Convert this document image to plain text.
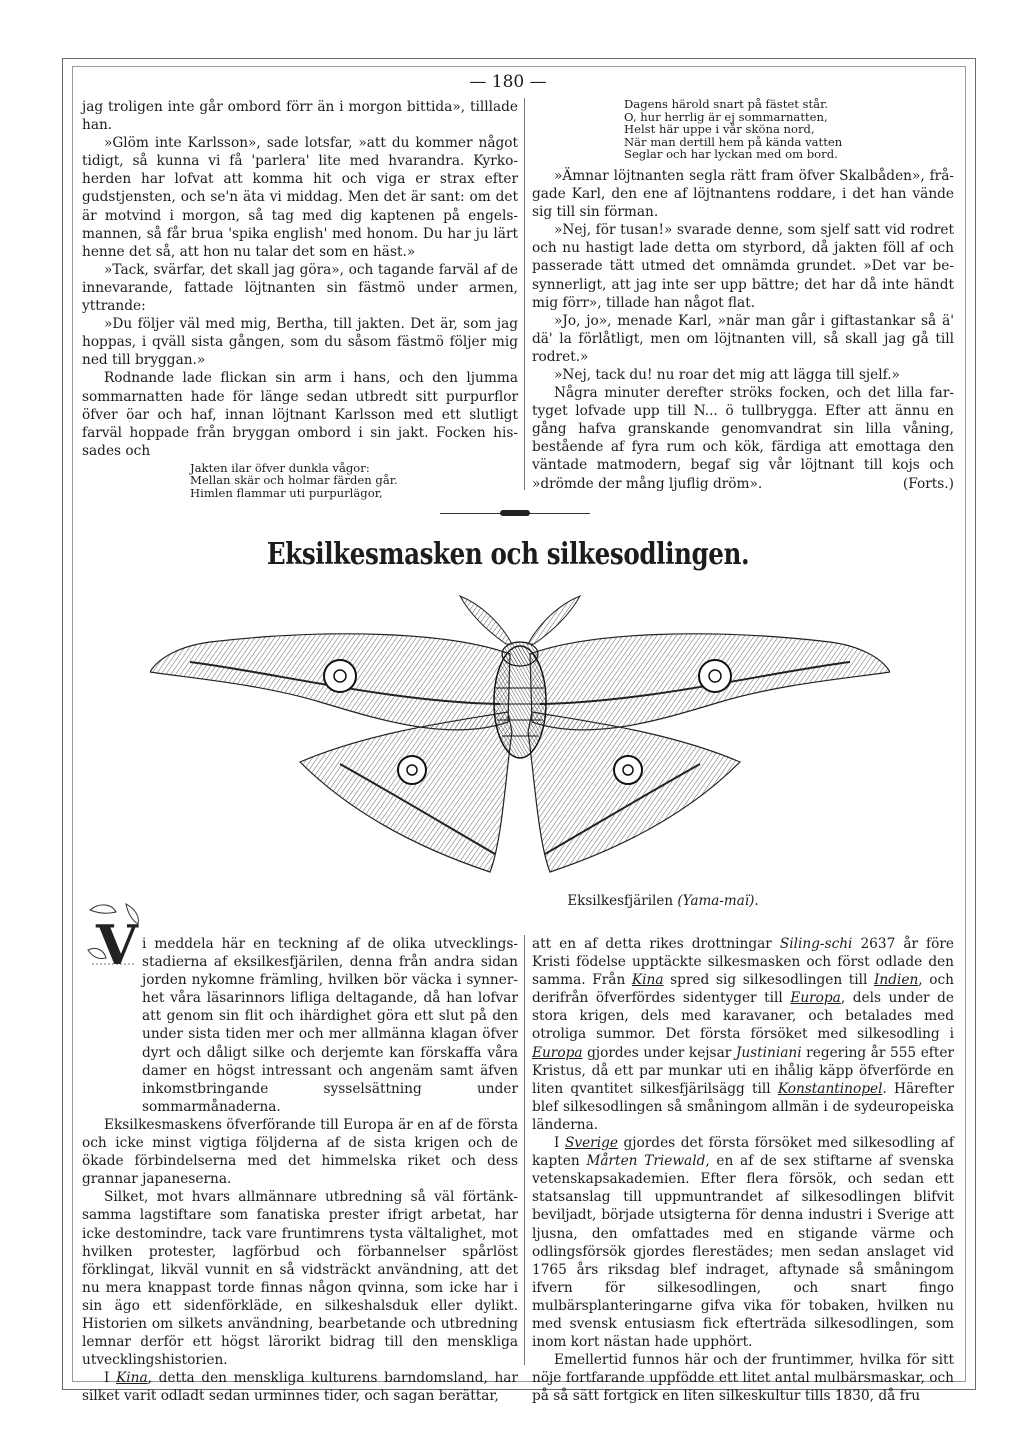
— 180 —

jag troligen inte går ombord förr än i morgon bittida», tilllade han.

»Glöm inte Karlsson», sade lotsfar, »att du kommer något tidigt, så kunna vi få 'parlera' lite med hvarandra. Kyrkoherden har lofvat att komma hit och viga er strax efter gudstjensten, och se'n äta vi middag. Men det är sant: om det är motvind i morgon, så tag med dig kaptenen på engelsmannen, så får brua 'spika english' med honom. Du har ju lärt henne det så, att hon nu talar det som en häst.»

»Tack, svärfar, det skall jag göra», och tagande farväl af de innevarande, fattade löjtnanten sin fästmö under armen, yttrande:

»Du följer väl med mig, Bertha, till jakten. Det är, som jag hoppas, i qväll sista gången, som du såsom fästmö följer mig ned till bryggan.»

Rodnande lade flickan sin arm i hans, och den ljumma sommarnatten hade för länge sedan utbredt sitt purpurflor öfver öar och haf, innan löjtnant Karlsson med ett slutligt farväl hoppade från bryggan ombord i sin jakt. Focken hissades och

Jakten ilar öfver dunkla vågor:
Mellan skär och holmar färden går.
Himlen flammar uti purpurlägor,
Dagens härold snart på fästet står.
O, hur herrlig är ej sommarnatten,
Helst här uppe i vår sköna nord,
När man dertill hem på kända vatten
Seglar och har lyckan med om bord.

»Ämnar löjtnanten segla rätt fram öfver Skalbåden», frågade Karl, den ene af löjtnantens roddare, i det han vände sig till sin förman.

»Nej, för tusan!» svarade denne, som sjelf satt vid rodret och nu hastigt lade detta om styrbord, då jakten föll af och passerade tätt utmed det omnämda grundet. »Det var besynnerligt, att jag inte ser upp bättre; det har då inte händt mig förr», tillade han något flat.

»Jo, jo», menade Karl, »när man går i giftastankar så ä' dä' la förlåtligt, men om löjtnanten vill, så skall jag gå till rodret.»

»Nej, tack du! nu roar det mig att lägga till sjelf.»

Några minuter derefter ströks focken, och det lilla fartyget lofvade upp till N... ö tullbrygga. Efter att ännu en gång hafva granskande genomvandrat sin lilla våning, bestående af fyra rum och kök, färdiga att emottaga den väntade matmodern, begaf sig vår löjtnant till kojs och »drömde der mång ljuflig dröm».	(Forts.)

Eksilkesmasken och silkesodlingen.
Eksilkesfjärilen (Yama-maï).
V i meddela här en teckning af de olika utvecklingsstadierna af eksilkesfjärilen, denna från andra sidan jorden nykomne främling, hvilken bör väcka i synnerhet våra läsarinnors lifliga deltagande, då han lofvar att genom sin flit och ihärdighet göra ett slut på den under sista tiden mer och mer allmänna klagan öfver dyrt och dåligt silke och derjemte kan förskaffa våra damer en högst intressant och angenäm samt äfven inkomstbringande sysselsättning under sommarmånaderna.

Eksilkesmaskens öfverförande till Europa är en af de första och icke minst vigtiga följderna af de sista krigen och de ökade förbindelserna med det himmelska riket och dess grannar japaneserna.

Silket, mot hvars allmännare utbredning så väl förtänksamma lagstiftare som fanatiska prester ifrigt arbetat, har icke destomindre, tack vare fruntimrens tysta vältalighet, mot hvilken protester, lagförbud och förbannelser spårlöst förklingat, likväl vunnit en så vidsträckt användning, att det nu mera knappast torde finnas någon qvinna, som icke har i sin ägo ett sidenförkläde, en silkeshalsduk eller dylikt. Historien om silkets användning, bearbetande och utbredning lemnar derför ett högst lärorikt bidrag till den menskliga utvecklingshistorien.

I Kina, detta den menskliga kulturens barndomsland, har silket varit odladt sedan urminnes tider, och sagan berättar,

att en af detta rikes drottningar Siling-schi 2637 år före Kristi födelse upptäckte silkesmasken och först odlade den samma. Från Kina spred sig silkesodlingen till Indien, och derifrån öfverfördes sidentyger till Europa, dels under de stora krigen, dels med karavaner, och betalades med otroliga summor. Det första försöket med silkesodling i Europa gjordes under kejsar Justiniani regering år 555 efter Kristus, då ett par munkar uti en ihålig käpp öfverförde en liten qvantitet silkesfjärilsägg till Konstantinopel. Härefter blef silkesodlingen så småningom allmän i de sydeuropeiska länderna.

I Sverige gjordes det första försöket med silkesodling af kapten Mårten Triewald, en af de sex stiftarne af svenska vetenskapsakademien. Efter flera försök, och sedan ett statsanslag till uppmuntrandet af silkesodlingen blifvit beviljadt, började utsigterna för denna industri i Sverige att ljusna, den omfattades med en stigande värme och odlingsförsök gjordes flerestädes; men sedan anslaget vid 1765 års riksdag blef indraget, aftynade så småningom ifvern för silkesodlingen, och snart fingo mulbärsplanteringarne gifva vika för tobaken, hvilken nu med svensk entusiasm fick efterträda silkesodlingen, som inom kort nästan hade upphört.

Emellertid funnos här och der fruntimmer, hvilka för sitt nöje fortfarande uppfödde ett litet antal mulbärsmaskar, och på så sätt fortgick en liten silkeskultur tills 1830, då fru
